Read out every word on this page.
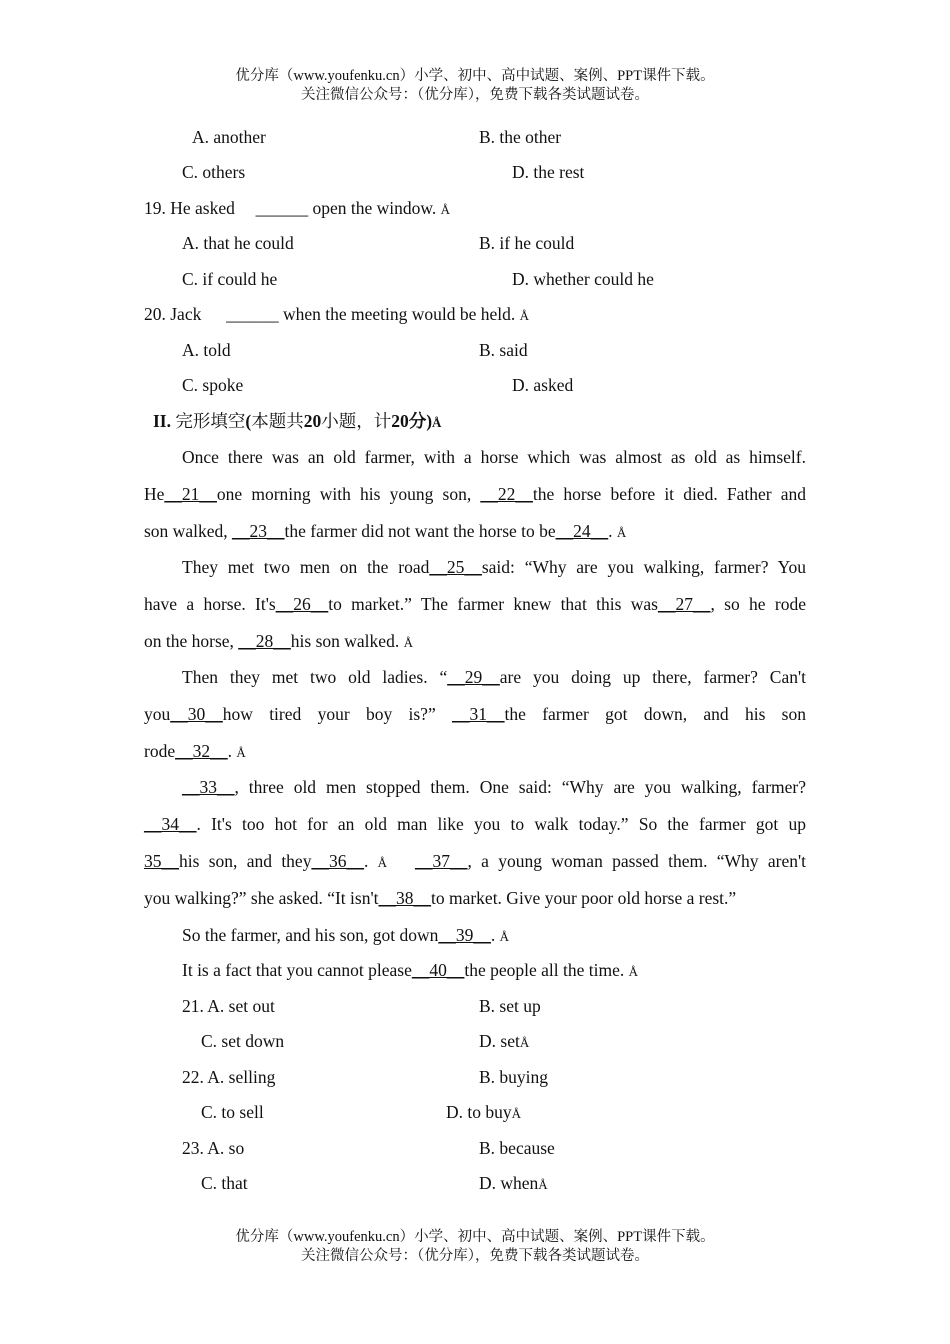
优分库（www.youfenku.cn）小学、初中、高中试题、案例、PPT课件下载。
关注微信公众号：（优分库），免费下载各类试题试卷。
A. another	B. the other
C. others	D. the rest
19. He asked ______ open the window. Å
A. that he could	B. if he could
C. if could he	D. whether could he
20. Jack ______ when the meeting would be held. Å
A. told	B. said
C. spoke	D. asked
II. 完形填空(本题共20小题，计20分)Å
Once there was an old farmer, with a horse which was almost as old as himself.
He__21__one morning with his young son, __22__the horse before it died. Father and
son walked, __23__the farmer did not want the horse to be__24__. Å
They met two men on the road__25__said: “Why are you walking, farmer? You
have a horse. It's__26__to market.” The farmer knew that this was__27__, so he rode
on the horse, __28__his son walked. Å
Then they met two old ladies. “__29__are you doing up there, farmer? Can't
you__30__how tired your boy is?” __31__the farmer got down, and his son
rode__32__. Å
__33__, three old men stopped them. One said: “Why are you walking, farmer?
__34__. It's too hot for an old man like you to walk today.” So the farmer got up
35__his son, and they__36__. Å __37__, a young woman passed them. “Why aren't
you walking?” she asked. “It isn't__38__to market. Give your poor old horse a rest.”
So the farmer, and his son, got down__39__. Å
It is a fact that you cannot please__40__the people all the time. Å
21. A. set out	B. set up
C. set down	D. setÅ
22. A. selling	B. buying
C. to sell	D. to buyÅ
23. A. so	B. because
C. that	D. whenÅ
优分库（www.youfenku.cn）小学、初中、高中试题、案例、PPT课件下载。
关注微信公众号：（优分库），免费下载各类试题试卷。
